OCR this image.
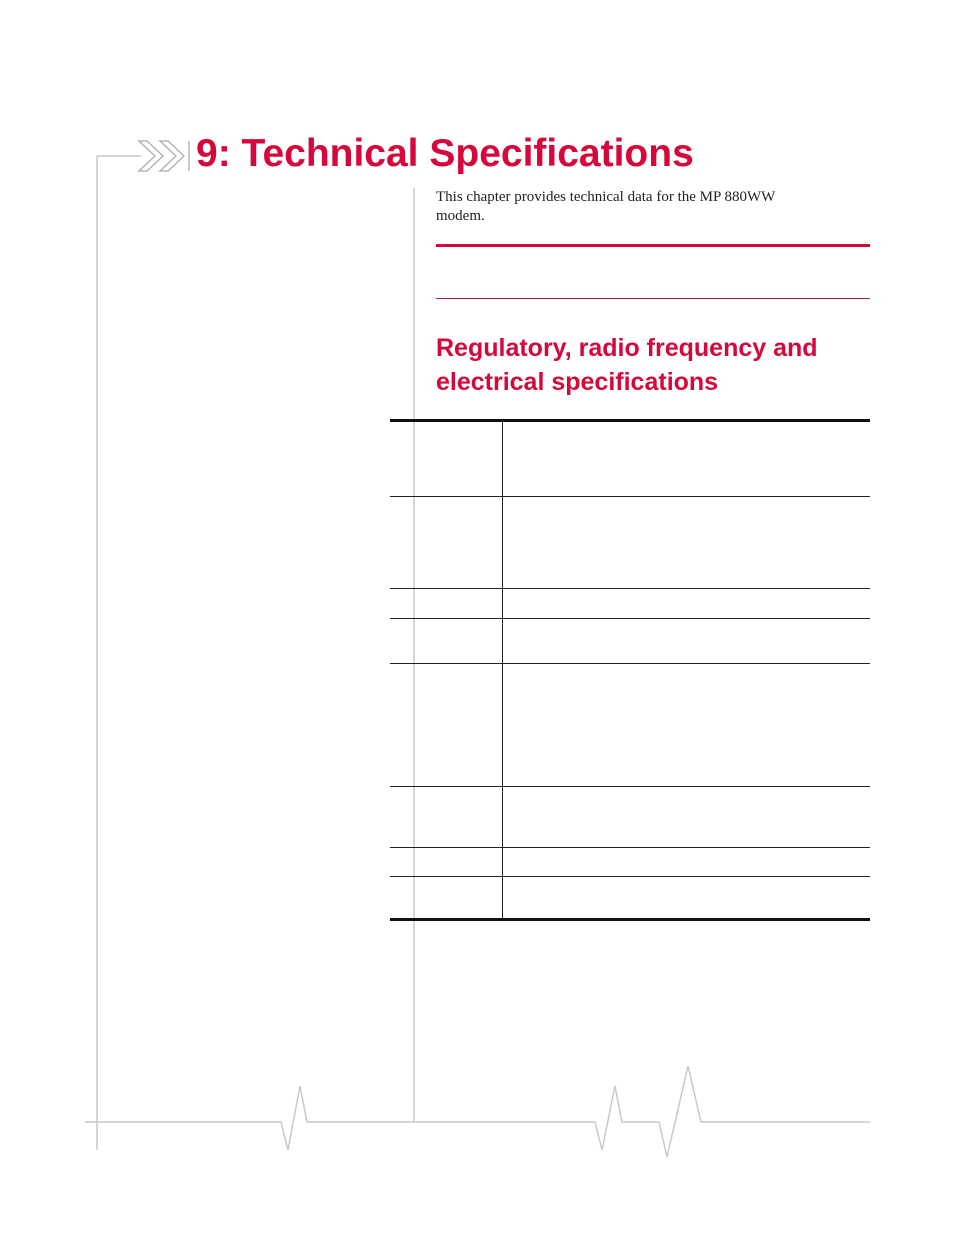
9: Technical Specifications

This chapter provides technical data for the MP 880WW modem.

Regulatory, radio frequency and electrical specifications
